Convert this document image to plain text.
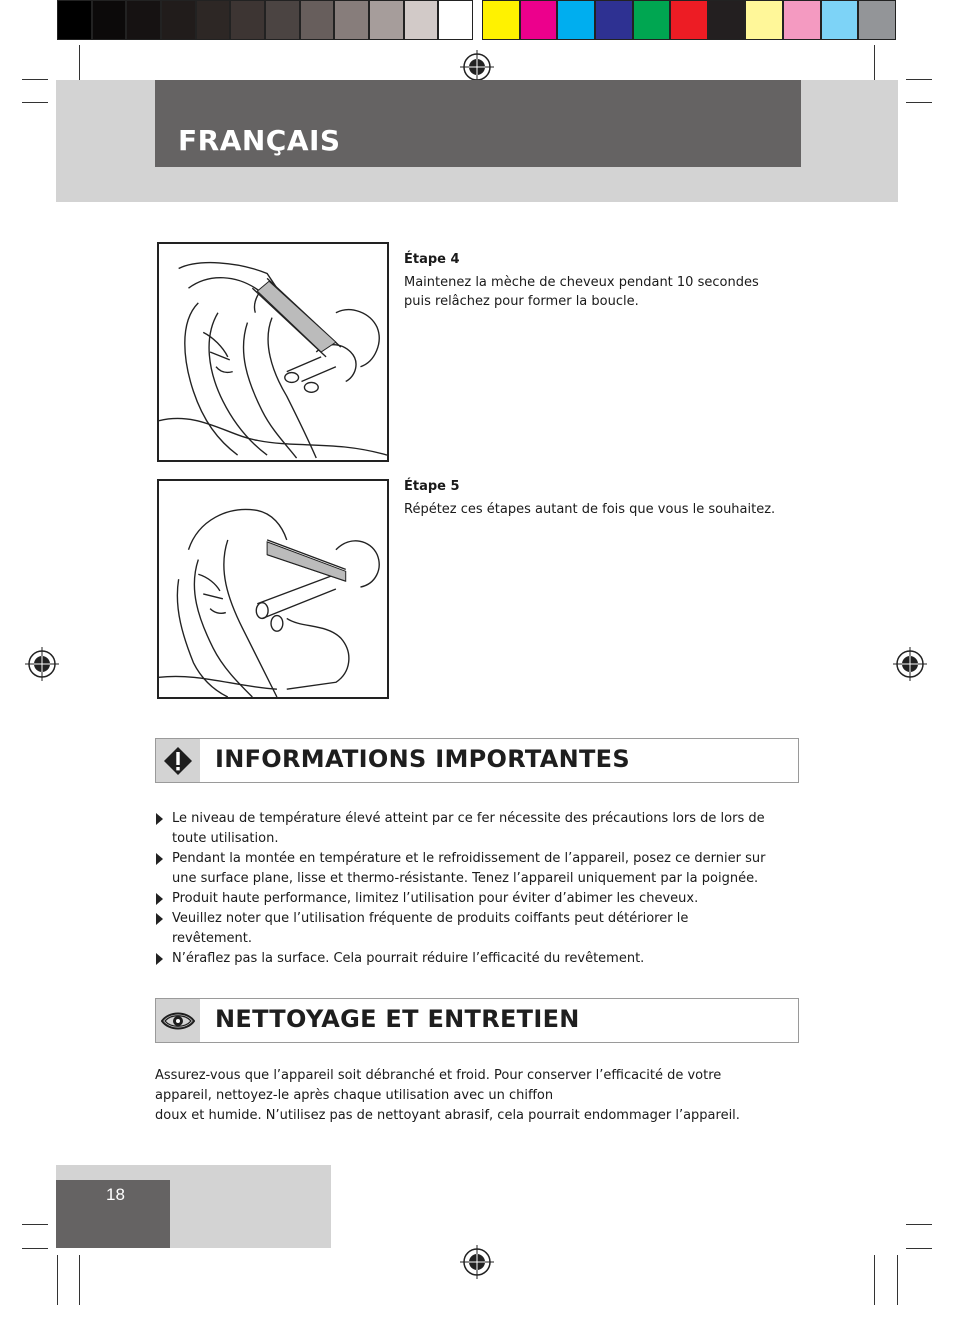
FRANÇAIS
Étape 4
Maintenez la mèche de cheveux pendant 10 secondes
puis relâchez pour former la boucle.
Étape 5
Répétez ces étapes autant de fois que vous le souhaitez.
INFORMATIONS IMPORTANTES
Le niveau de température élevé atteint par ce fer nécessite des précautions lors de lors de
toute utilisation.
Pendant la montée en température et le refroidissement de l’appareil, posez ce dernier sur
une surface plane, lisse et thermo-résistante. Tenez l’appareil uniquement par la poignée.
Produit haute performance, limitez l’utilisation pour éviter d’abimer les cheveux.
Veuillez noter que l’utilisation fréquente de produits coiffants peut détériorer le
revêtement.
N’éraflez pas la surface. Cela pourrait réduire l’efficacité du revêtement.
NETTOYAGE ET ENTRETIEN
Assurez-vous que l’appareil soit débranché et froid. Pour conserver l’efficacité de votre
appareil, nettoyez-le après chaque utilisation avec un chiffon
doux et humide. N’utilisez pas de nettoyant abrasif, cela pourrait endommager l’appareil.
18
